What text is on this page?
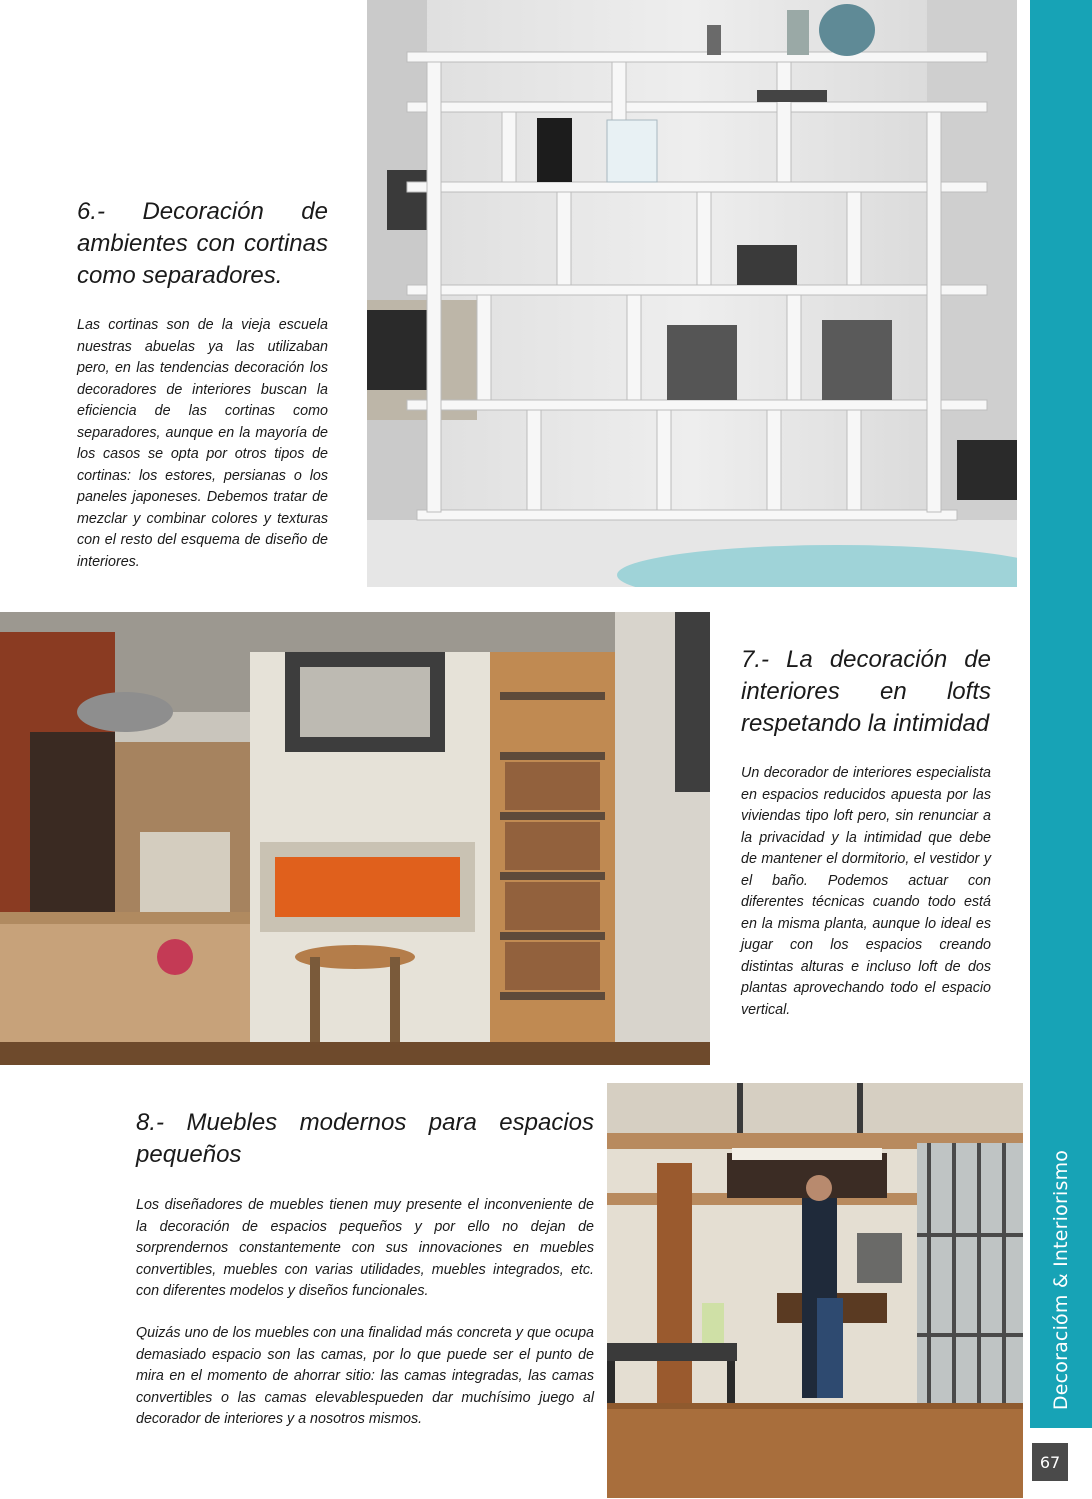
Decoraciόm & Interiorismo
67
6.- Decoración de ambientes con cortinas como separadores.

Las cortinas son de la vieja escuela nuestras abuelas ya las utilizaban pero, en las tendencias decoración los decoradores de interiores buscan la eficiencia de las cortinas como separadores, aunque en la mayoría de los casos se opta por otros tipos de cortinas: los estores, persianas o los paneles japoneses. Debemos tratar de mezclar y combinar colores y texturas con el resto del esquema de diseño de interiores.

7.- La decoración de interiores en lofts respetando la intimidad

Un decorador de interiores especialista en espacios reducidos apuesta por las viviendas tipo loft pero, sin renunciar a la privacidad y la intimidad que debe de mantener el dormitorio, el vestidor y el baño. Podemos actuar con diferentes técnicas cuando todo está en la misma planta, aunque lo ideal es jugar con los espacios creando distintas alturas e incluso loft de dos plantas aprovechando todo el espacio vertical.

8.- Muebles modernos para espacios pequeños

Los diseñadores de muebles tienen muy presente el inconveniente de la decoración de espacios pequeños y por ello no dejan de sorprendernos constantemente con sus innovaciones en muebles convertibles, muebles con varias utilidades, muebles integrados, etc. con diferentes modelos y diseños funcionales.

Quizás uno de los muebles con una finalidad más concreta y que ocupa demasiado espacio son las camas, por lo que puede ser el punto de mira en el momento de ahorrar sitio: las camas integradas, las camas convertibles o las camas elevablespueden dar muchísimo juego al decorador de interiores y a nosotros mismos.
